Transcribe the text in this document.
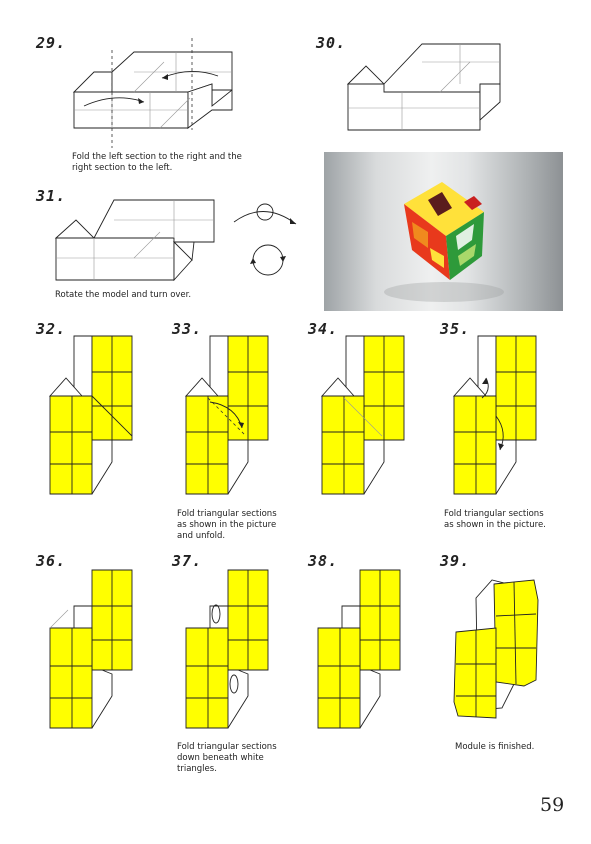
29.	30.
31.
32.	33.	34.	35.
36.	37.	38.	39.
Fold the left section to the right and the
right section to the left.
Rotate the model and turn over.
Fold triangular sections
as shown in the picture
and unfold.
Fold triangular sections
as shown in the picture.
Fold triangular sections
down beneath white
triangles.
Module is finished.
59
